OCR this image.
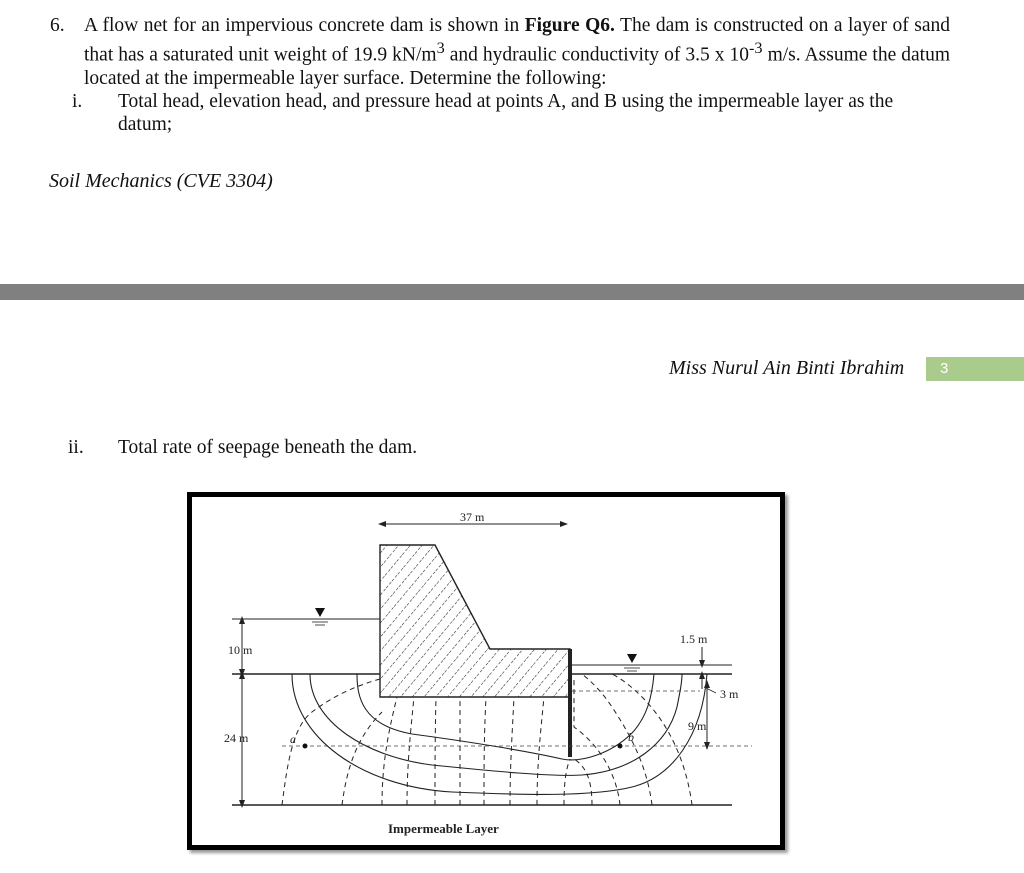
6. A flow net for an impervious concrete dam is shown in Figure Q6. The dam is constructed on a layer of sand that has a saturated unit weight of 19.9 $kN/m^3$ and hydraulic conductivity of 3.5 x $10^{-3}$ m/s. Assume the datum located at the impermeable layer surface. Determine the following:
i.	Total head, elevation head, and pressure head at points A, and B using the impermeable layer as the datum;
Soil Mechanics (CVE 3304)
Miss Nurul Ain Binti Ibrahim	3
ii.	Total rate of seepage beneath the dam.
37 m
10 m
24 m
1.5 m
3 m
9 m
a	b
Impermeable Layer
